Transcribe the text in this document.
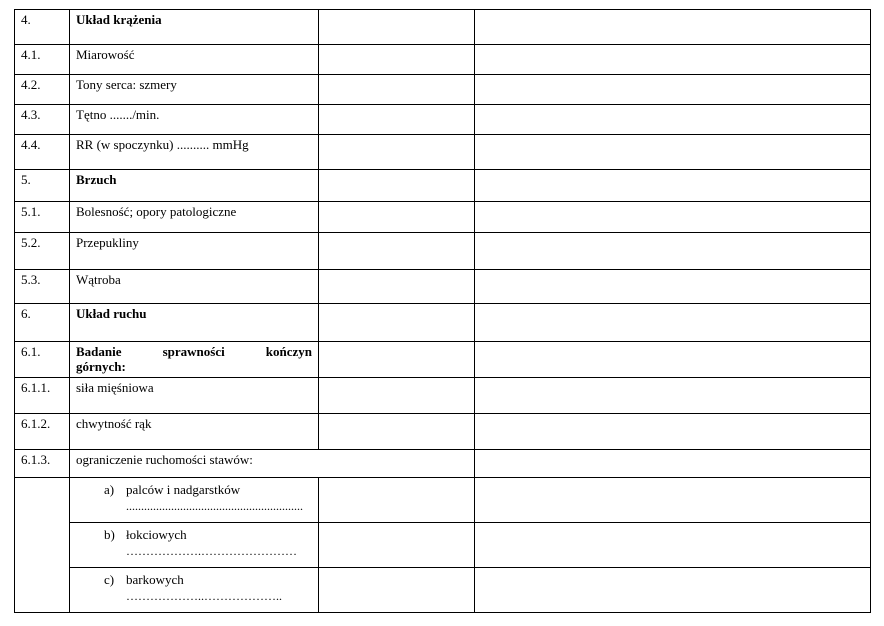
4.	Układ krążenia		
4.1.	Miarowość		
4.2.	Tony serca: szmery		
4.3.	Tętno ......./min.		
4.4.	RR (w spoczynku) .......... mmHg		
5.	Brzuch		
5.1.	Bolesność; opory patologiczne		
5.2.	Przepukliny		
5.3.	Wątroba		
6.	Układ ruchu		
6.1.	Badanie sprawności kończyn
górnych:		

6.1.1.	siła mięśniowa		
6.1.2.	chwytność rąk		
6.1.3.	ograniczenie ruchomości stawów:		

	a) palców i nadgarstków
...........................................................		

	b) łokciowych
……………….……………………		

	c) barkowych
………………..………………..		
